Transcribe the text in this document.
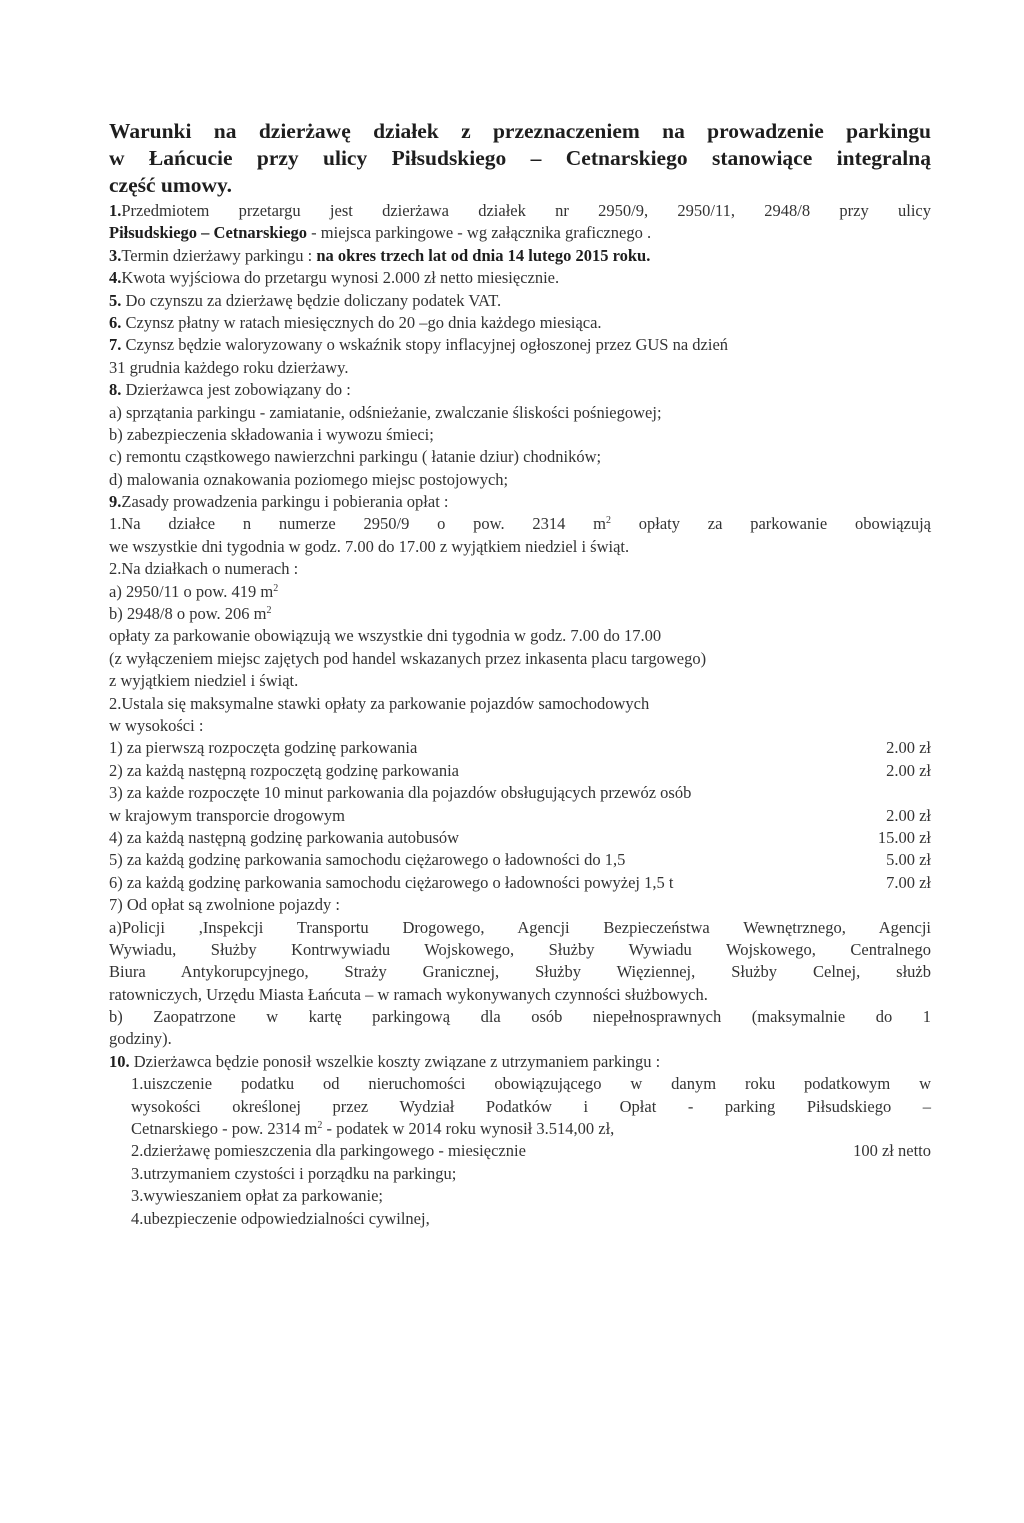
Warunki na dzierżawę działek z przeznaczeniem na prowadzenie parkingu
w Łańcucie przy ulicy Piłsudskiego – Cetnarskiego stanowiące integralną
część umowy.
1.Przedmiotem przetargu jest dzierżawa działek nr 2950/9, 2950/11, 2948/8 przy ulicy
Piłsudskiego – Cetnarskiego - miejsca parkingowe - wg załącznika graficznego .
3.Termin dzierżawy parkingu : na okres trzech lat od dnia 14 lutego 2015 roku.
4.Kwota wyjściowa do przetargu wynosi 2.000 zł netto miesięcznie.
5. Do czynszu za dzierżawę będzie doliczany podatek VAT.
6. Czynsz płatny w ratach miesięcznych do 20 –go dnia każdego miesiąca.
7. Czynsz będzie waloryzowany o wskaźnik stopy inflacyjnej ogłoszonej przez GUS na dzień
31 grudnia każdego roku dzierżawy.
8. Dzierżawca jest zobowiązany do :
a) sprzątania parkingu - zamiatanie, odśnieżanie, zwalczanie śliskości pośniegowej;
b) zabezpieczenia składowania i wywozu śmieci;
c) remontu cząstkowego nawierzchni parkingu ( łatanie dziur) chodników;
d) malowania oznakowania poziomego miejsc postojowych;
9.Zasady prowadzenia parkingu i pobierania opłat :
1.Na działce n numerze 2950/9 o pow. 2314 $m^2$ opłaty za parkowanie obowiązują
we wszystkie dni tygodnia w godz. 7.00 do 17.00 z wyjątkiem niedziel i świąt.
2.Na działkach o numerach :
a) 2950/11 o pow. 419 $m^2$
b) 2948/8 o pow. 206 $m^2$
opłaty za parkowanie obowiązują we wszystkie dni tygodnia w godz. 7.00 do 17.00
(z wyłączeniem miejsc zajętych pod handel wskazanych przez inkasenta placu targowego)
z wyjątkiem niedziel i świąt.
2.Ustala się maksymalne stawki opłaty za parkowanie pojazdów samochodowych
w wysokości :
1) za pierwszą rozpoczęta godzinę parkowania	2.00 zł
2) za każdą następną rozpoczętą godzinę parkowania	2.00 zł
3) za każde rozpoczęte 10 minut parkowania dla pojazdów obsługujących przewóz osób
w krajowym transporcie drogowym	2.00 zł
4) za każdą następną godzinę parkowania autobusów	15.00 zł
5) za każdą godzinę parkowania samochodu ciężarowego o ładowności do 1,5	5.00 zł
6) za każdą godzinę parkowania samochodu ciężarowego o ładowności powyżej 1,5 t	7.00 zł
7) Od opłat są zwolnione pojazdy :
a)Policji ,Inspekcji Transportu Drogowego, Agencji Bezpieczeństwa Wewnętrznego, Agencji
Wywiadu, Służby Kontrwywiadu Wojskowego, Służby Wywiadu Wojskowego, Centralnego
Biura Antykorupcyjnego, Straży Granicznej, Służby Więziennej, Służby Celnej, służb
ratowniczych, Urzędu Miasta Łańcuta – w ramach wykonywanych czynności służbowych.
b) Zaopatrzone w kartę parkingową dla osób niepełnosprawnych (maksymalnie do 1
godziny).
10. Dzierżawca będzie ponosił wszelkie koszty związane z utrzymaniem parkingu :
1.uiszczenie podatku od nieruchomości obowiązującego w danym roku podatkowym w
wysokości określonej przez Wydział Podatków i Opłat - parking Piłsudskiego –
Cetnarskiego - pow. 2314 $m^2$ - podatek w 2014 roku wynosił 3.514,00 zł,
2.dzierżawę pomieszczenia dla parkingowego - miesięcznie	100 zł netto
3.utrzymaniem czystości i porządku na parkingu;
3.wywieszaniem opłat za parkowanie;
4.ubezpieczenie odpowiedzialności cywilnej,
